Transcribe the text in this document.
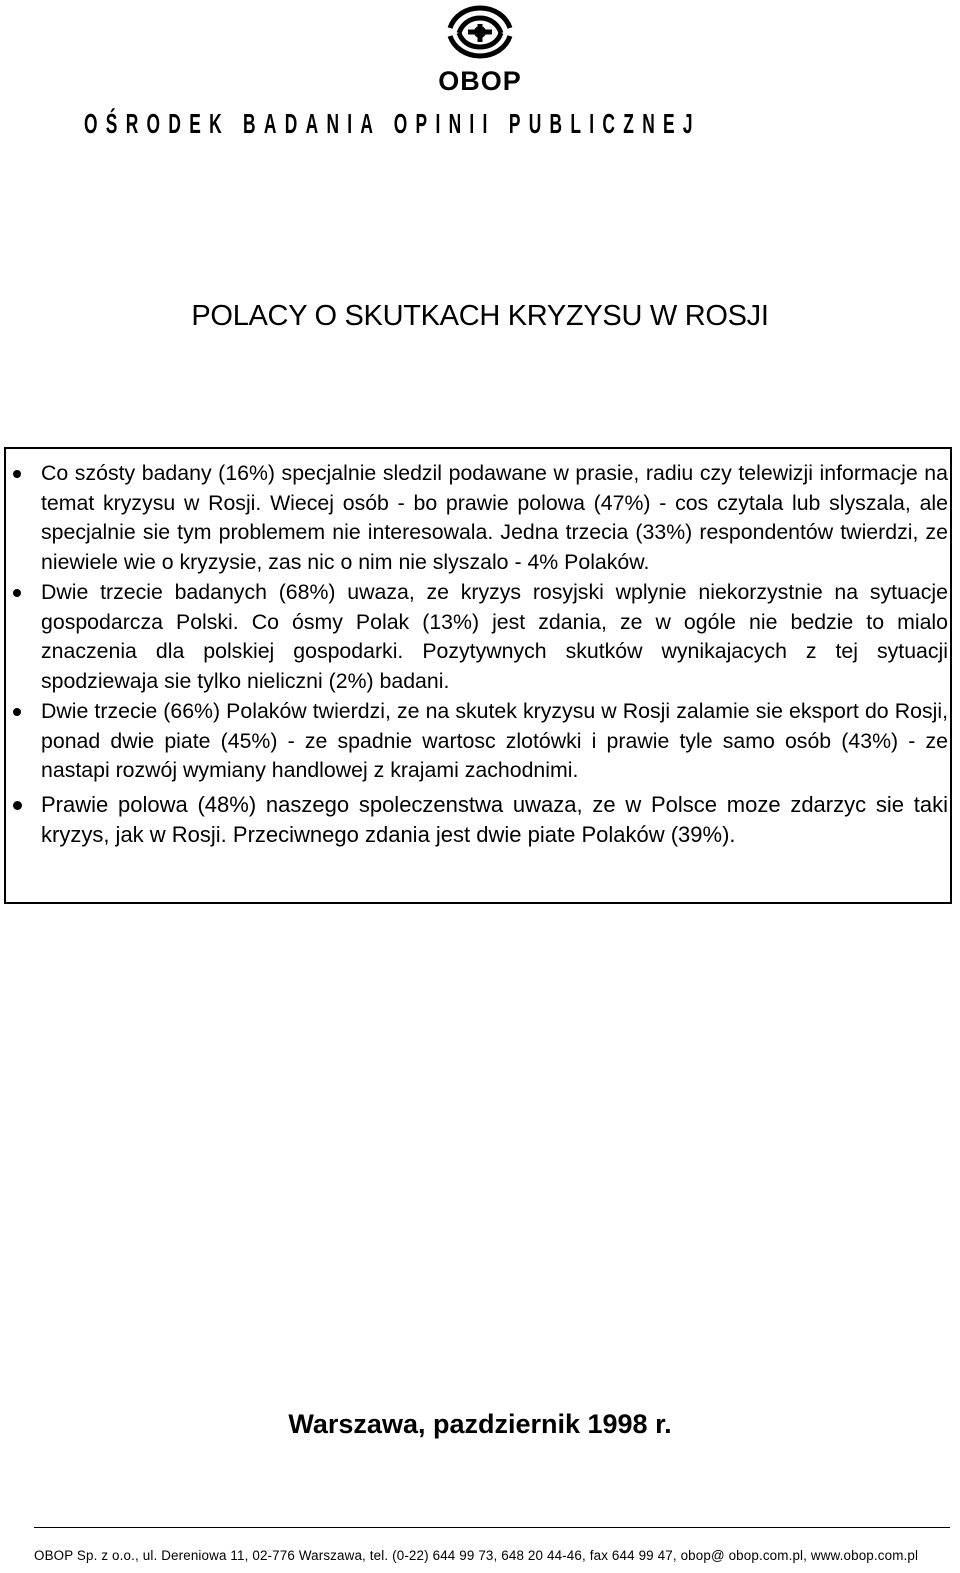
OBOP
OŚRODEK BADANIA OPINII PUBLICZNEJ
POLACY O SKUTKACH KRYZYSU W ROSJI
Co szósty badany (16%) specjalnie sledzil podawane w prasie, radiu czy telewizji informacje na temat kryzysu w Rosji. Wiecej osób - bo prawie polowa (47%) - cos czytala lub slyszala, ale specjalnie sie tym problemem nie interesowala. Jedna trzecia (33%) respondentów twierdzi, ze niewiele wie o kryzysie, zas nic o nim nie slyszalo - 4% Polaków.
Dwie trzecie badanych (68%) uwaza, ze kryzys rosyjski wplynie niekorzystnie na sytuacje gospodarcza Polski. Co ósmy Polak (13%) jest zdania, ze w ogóle nie bedzie to mialo znaczenia dla polskiej gospodarki. Pozytywnych skutków wynikajacych z tej sytuacji spodziewaja sie tylko nieliczni (2%) badani.
Dwie trzecie (66%) Polaków twierdzi, ze na skutek kryzysu w Rosji zalamie sie eksport do Rosji, ponad dwie piate (45%) - ze spadnie wartosc zlotówki i prawie tyle samo osób (43%) - ze nastapi rozwój wymiany handlowej z krajami zachodnimi.
Prawie polowa (48%) naszego spoleczenstwa uwaza, ze w Polsce moze zdarzyc sie taki kryzys, jak w Rosji. Przeciwnego zdania jest dwie piate Polaków (39%).
Warszawa, pazdziernik 1998 r.
OBOP Sp. z o.o., ul. Dereniowa 11, 02-776 Warszawa, tel. (0-22) 644 99 73, 648 20 44-46, fax 644 99 47, obop@ obop.com.pl, www.obop.com.pl
